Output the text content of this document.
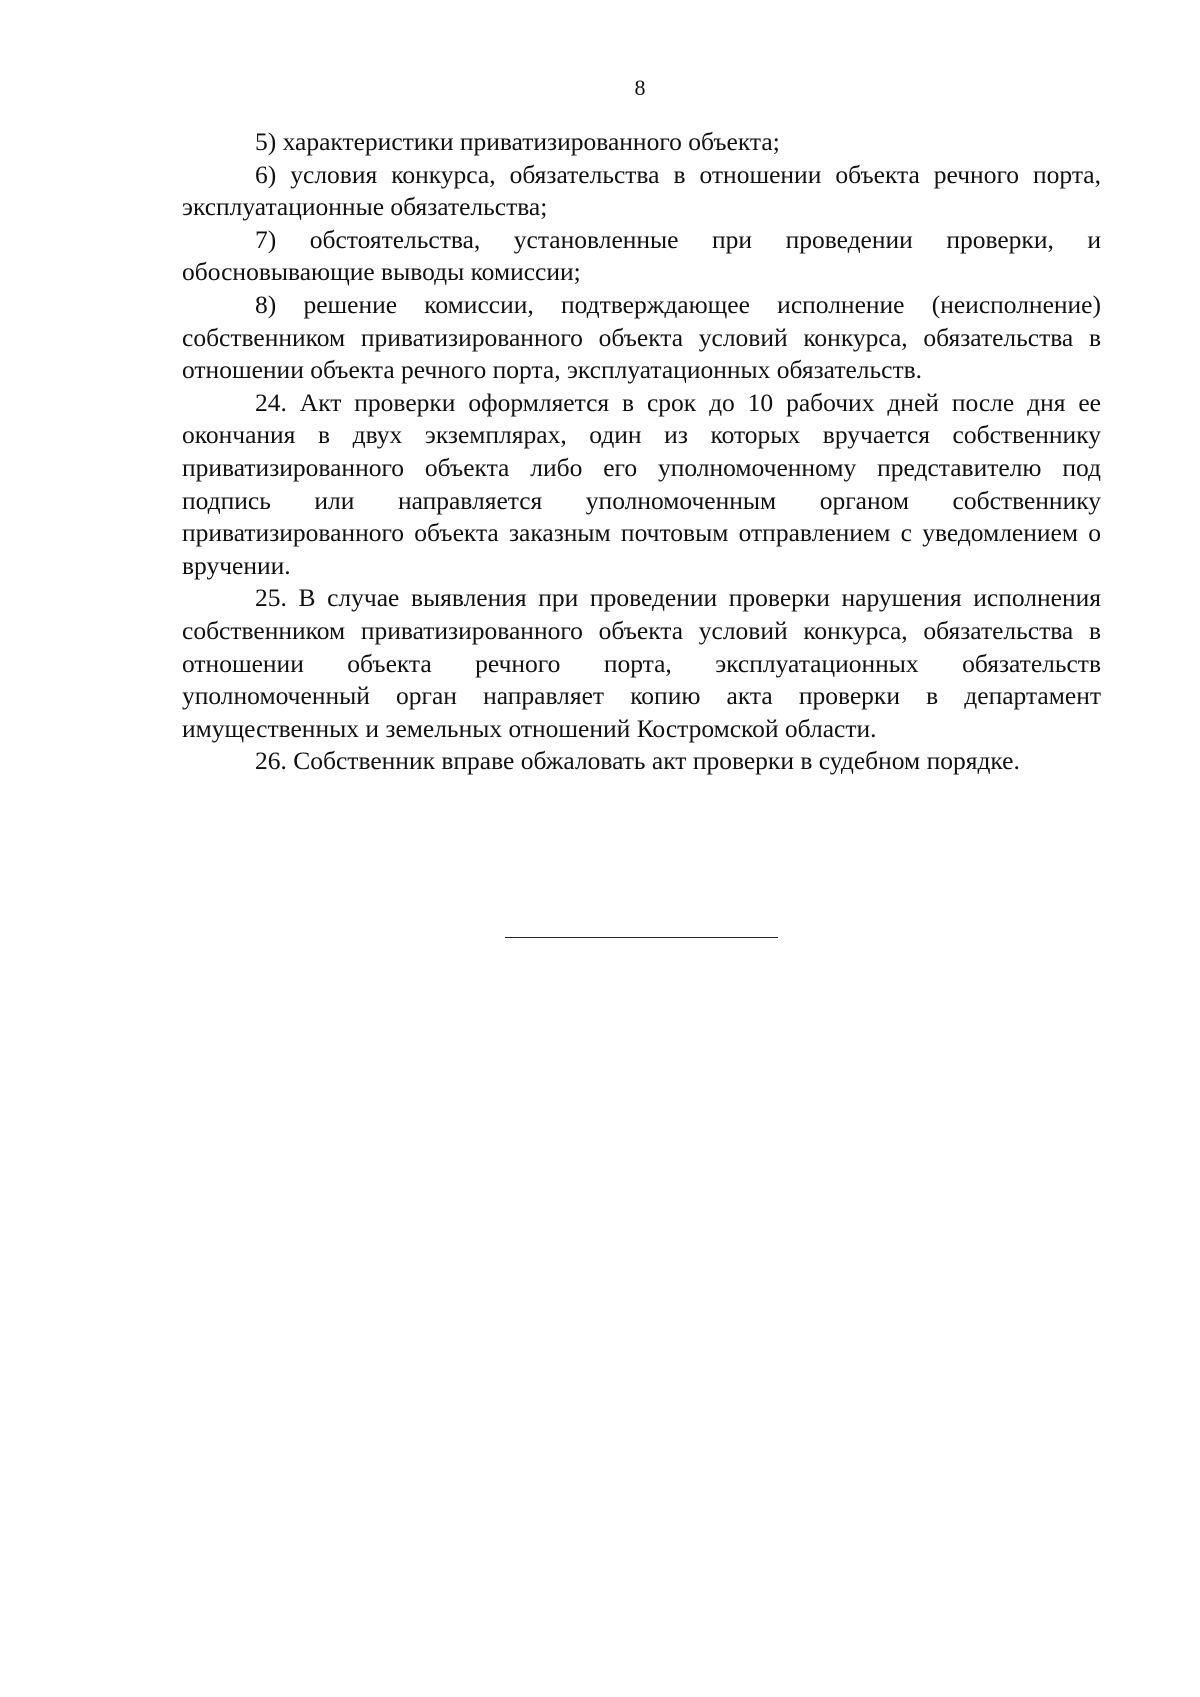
8

5) характеристики приватизированного объекта;

6) условия конкурса, обязательства в отношении объекта речного порта, эксплуатационные обязательства;

7) обстоятельства, установленные при проведении проверки, и обосновывающие выводы комиссии;

8) решение комиссии, подтверждающее исполнение (неисполнение) собственником приватизированного объекта условий конкурса, обязательства в отношении объекта речного порта, эксплуатационных обязательств.

24. Акт проверки оформляется в срок до 10 рабочих дней после дня ее окончания в двух экземплярах, один из которых вручается собственнику приватизированного объекта либо его уполномоченному представителю под подпись или направляется уполномоченным органом собственнику приватизированного объекта заказным почтовым отправлением с уведомлением о вручении.

25. В случае выявления при проведении проверки нарушения исполнения собственником приватизированного объекта условий конкурса, обязательства в отношении объекта речного порта, эксплуатационных обязательств уполномоченный орган направляет копию акта проверки в департамент имущественных и земельных отношений Костромской области.

26. Собственник вправе обжаловать акт проверки в судебном порядке.
